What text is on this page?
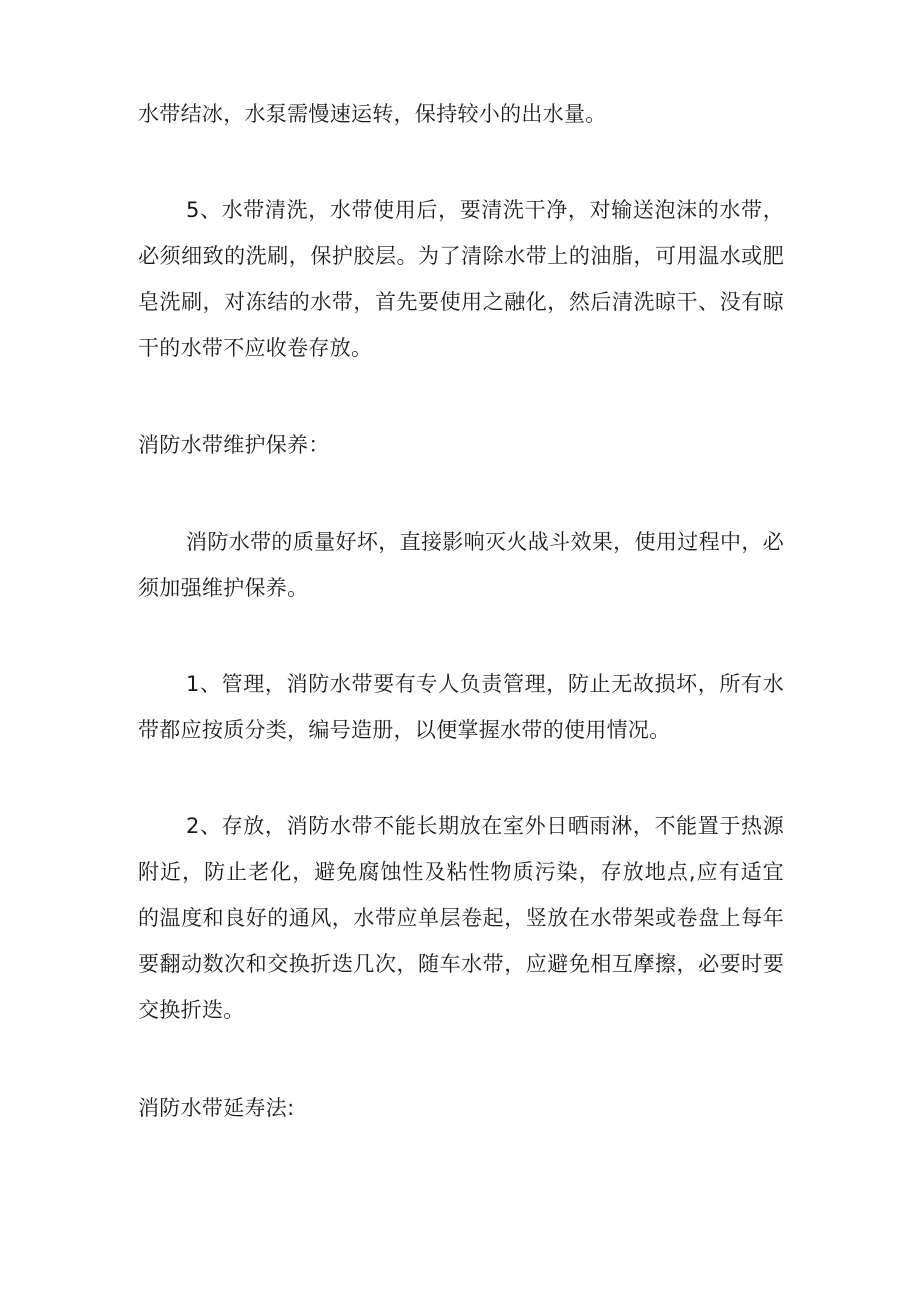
水带结冰，水泵需慢速运转，保持较小的出水量。

5、水带清洗，水带使用后，要清洗干净，对输送泡沫的水带，

必须细致的洗刷，保护胶层。为了清除水带上的油脂，可用温水或肥

皂洗刷，对冻结的水带，首先要使用之融化，然后清洗晾干、没有晾

干的水带不应收卷存放。

消防水带维护保养：

消防水带的质量好坏，直接影响灭火战斗效果，使用过程中，必

须加强维护保养。

1、管理，消防水带要有专人负责管理，防止无故损坏，所有水

带都应按质分类，编号造册，以便掌握水带的使用情况。

2、存放，消防水带不能长期放在室外日晒雨淋，不能置于热源

附近，防止老化，避免腐蚀性及粘性物质污染，存放地点,应有适宜

的温度和良好的通风，水带应单层卷起，竖放在水带架或卷盘上每年

要翻动数次和交换折迭几次，随车水带，应避免相互摩擦，必要时要

交换折迭。

消防水带延寿法:
